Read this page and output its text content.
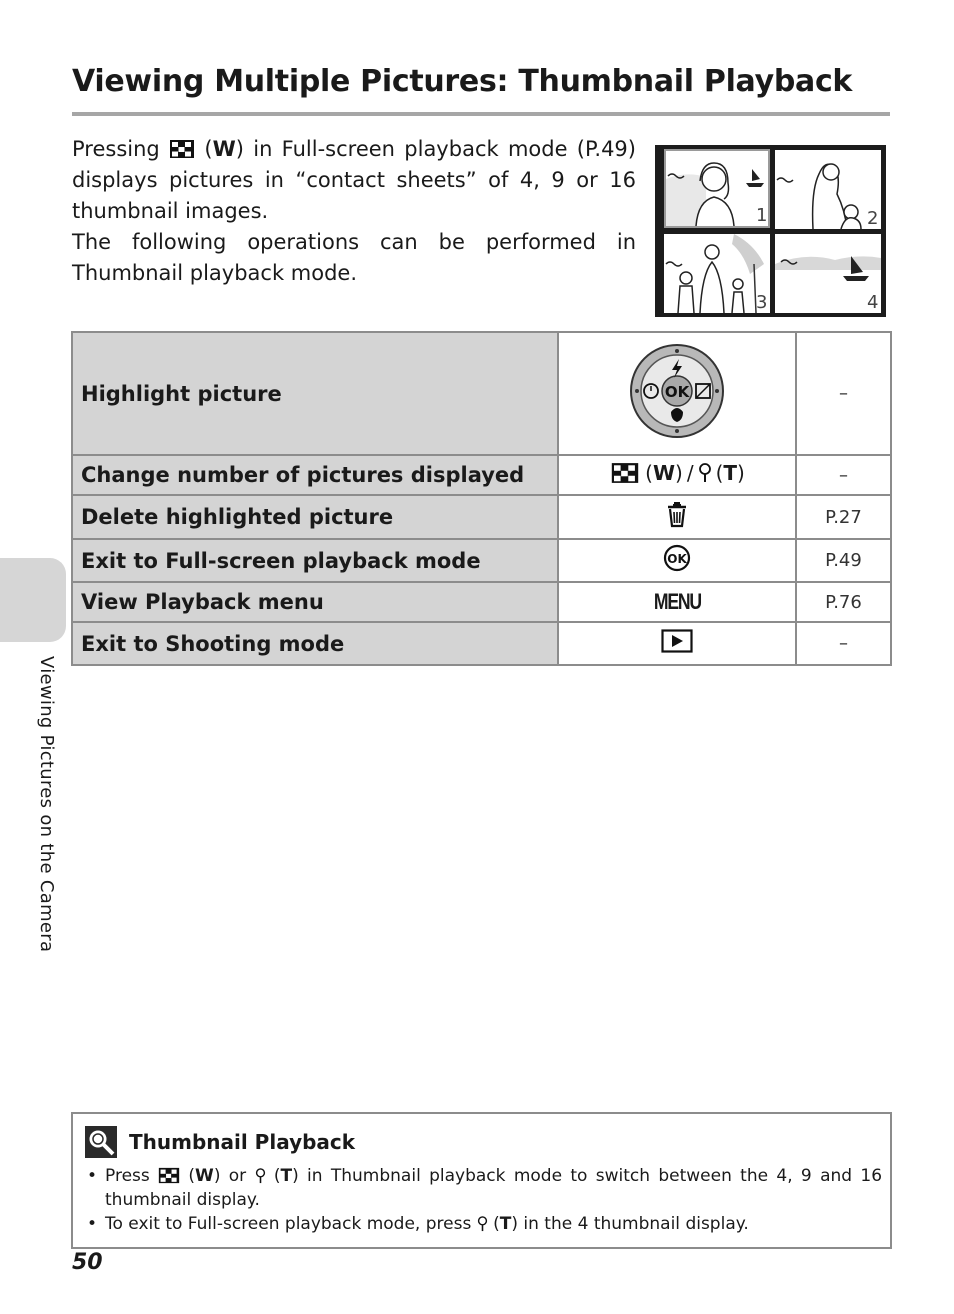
Viewing Multiple Pictures: Thumbnail Playback

Pressing  (W) in Full-screen playback mode (P.49) displays pictures in “contact sheets” of 4, 9 or 16 thumbnail images.

The following operations can be performed in Thumbnail playback mode.

1	2
3	4
Highlight picture	OK	–
Change number of pictures displayed	(W) / (T)	–
Delete highlighted picture		P.27
Exit to Full-screen playback mode	OK	P.49
View Playback menu	MENU	P.76
Exit to Shooting mode		–
Viewing Pictures on the Camera
Thumbnail Playback
• Press  (W) or  (T) in Thumbnail playback mode to switch between the 4, 9 and 16 thumbnail display.
• To exit to Full-screen playback mode, press  (T) in the 4 thumbnail display.
50
